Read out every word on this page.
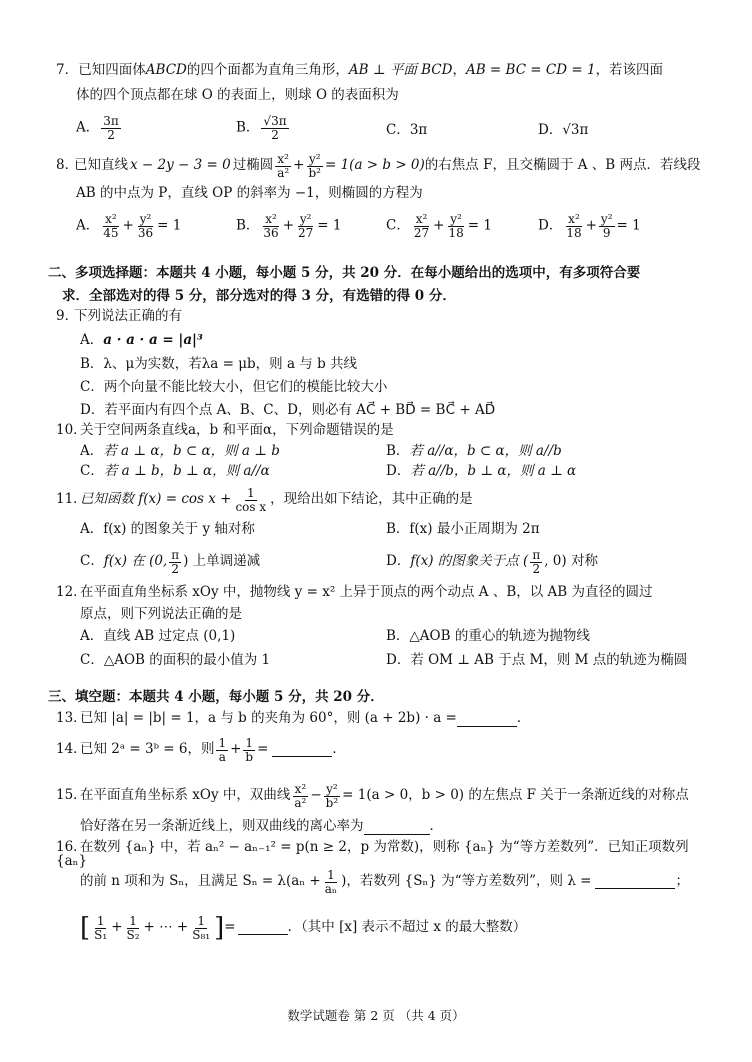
7． 已知四面体ABCD的四个面都为直角三角形，AB ⊥ 平面 BCD，AB = BC = CD = 1，若该四面
体的四个顶点都在球 O 的表面上，则球 O 的表面积为
A． $\frac{3\pi}{2}$	B． $\frac{√3\pi}{2}$	C．3π	D．√3π
8．
已知直线 x − 2y − 3 = 0 过椭圆 $\frac{\text{x²}}{\text{a²}} + \frac{\text{y²}}{\text{b²}} = 1(a > b > 0)$ 的右焦点 F，且交椭圆于 A 、B 两点．若线段
AB 的中点为 P，直线 OP 的斜率为 −1，则椭圆的方程为
A． $\frac{\text{x²}}{45} + \frac{\text{y²}}{36} = 1$	B． $\frac{\text{x²}}{36} + \frac{\text{y²}}{27} = 1$	C． $\frac{\text{x²}}{27} + \frac{\text{y²}}{18} = 1$	D． $\frac{\text{x²}}{18} + \frac{\text{y²}}{9} = 1$
二、多项选择题：本题共 4 小题，每小题 5 分，共 20 分．在每小题给出的选项中，有多项符合要
求．全部选对的得 5 分，部分选对的得 3 分，有选错的得 0 分．
9．下列说法正确的有
A．a · a · a = |a|³
B．λ、μ为实数，若λa = μb，则 a 与 b 共线
C．两个向量不能比较大小，但它们的模能比较大小
D．若平面内有四个点 A、B、C、D，则必有 AC⃗ + BD⃗ = BC⃗ + AD⃗
10．关于空间两条直线a，b 和平面α，下列命题错误的是
A．若 a ⊥ α，b ⊂ α，则 a ⊥ b	B．若 a//α，b ⊂ α，则 a//b
C．若 a ⊥ b，b ⊥ α，则 a//α	D．若 a//b，b ⊥ α，则 a ⊥ α
11．
已知函数 $f(x) = \cos x + \frac{1}{\text{cos x}}$ ，现给出如下结论，其中正确的是
A．f(x) 的图象关于 y 轴对称	B．f(x) 最小正周期为 2π
C． f(x) 在 (0, $\frac{\pi}{2}$ ) 上单调递减	D． f(x) 的图象关于点 ( $\frac{\pi}{2}$ , 0) 对称
12．在平面直角坐标系 xOy 中，抛物线 y = x² 上异于顶点的两个动点 A 、B，以 AB 为直径的圆过
原点，则下列说法正确的是
A．直线 AB 过定点 (0,1)	B．△AOB 的重心的轨迹为抛物线
C．△AOB 的面积的最小值为 1	D．若 OM ⊥ AB 于点 M，则 M 点的轨迹为椭圆
三、填空题：本题共 4 小题，每小题 5 分，共 20 分．
13．已知 |a| = |b| = 1，a 与 b 的夹角为 60°，则 (a + 2b) · a =	．
14．
已知 2ᵃ = 3ᵇ = 6，则 $\frac{1}{a} + \frac{1}{b}$ =
	．
15．
在平面直角坐标系 xOy 中，双曲线 $\frac{\text{x²}}{\text{a²}} - \frac{\text{y²}}{\text{b²}} = 1(a > 0$，b > 0) 的左焦点 F 关于一条渐近线的对称点
恰好落在另一条渐近线上，则双曲线的离心率为	．
16．在数列 {aₙ} 中，若 aₙ² − aₙ₋₁² = p(n ≥ 2，p 为常数)，则称 {aₙ} 为“等方差数列”．已知正项数列 {aₙ}
的前 n 项和为 Sₙ，且满足 $S_n = \lambda(a_n + \frac{1}{\text{aₙ}}$ )，若数列 {Sₙ} 为“等方差数列”，则 λ =
	；
[ $\frac{1}{\text{S₁}} + \frac{1}{\text{S₂}}$ + ⋯ + $\frac{1}{\text{S₈₁}}$ ] =
	．（其中 [x] 表示不超过 x 的最大整数）
数学试题卷 第 2 页 （共 4 页）
